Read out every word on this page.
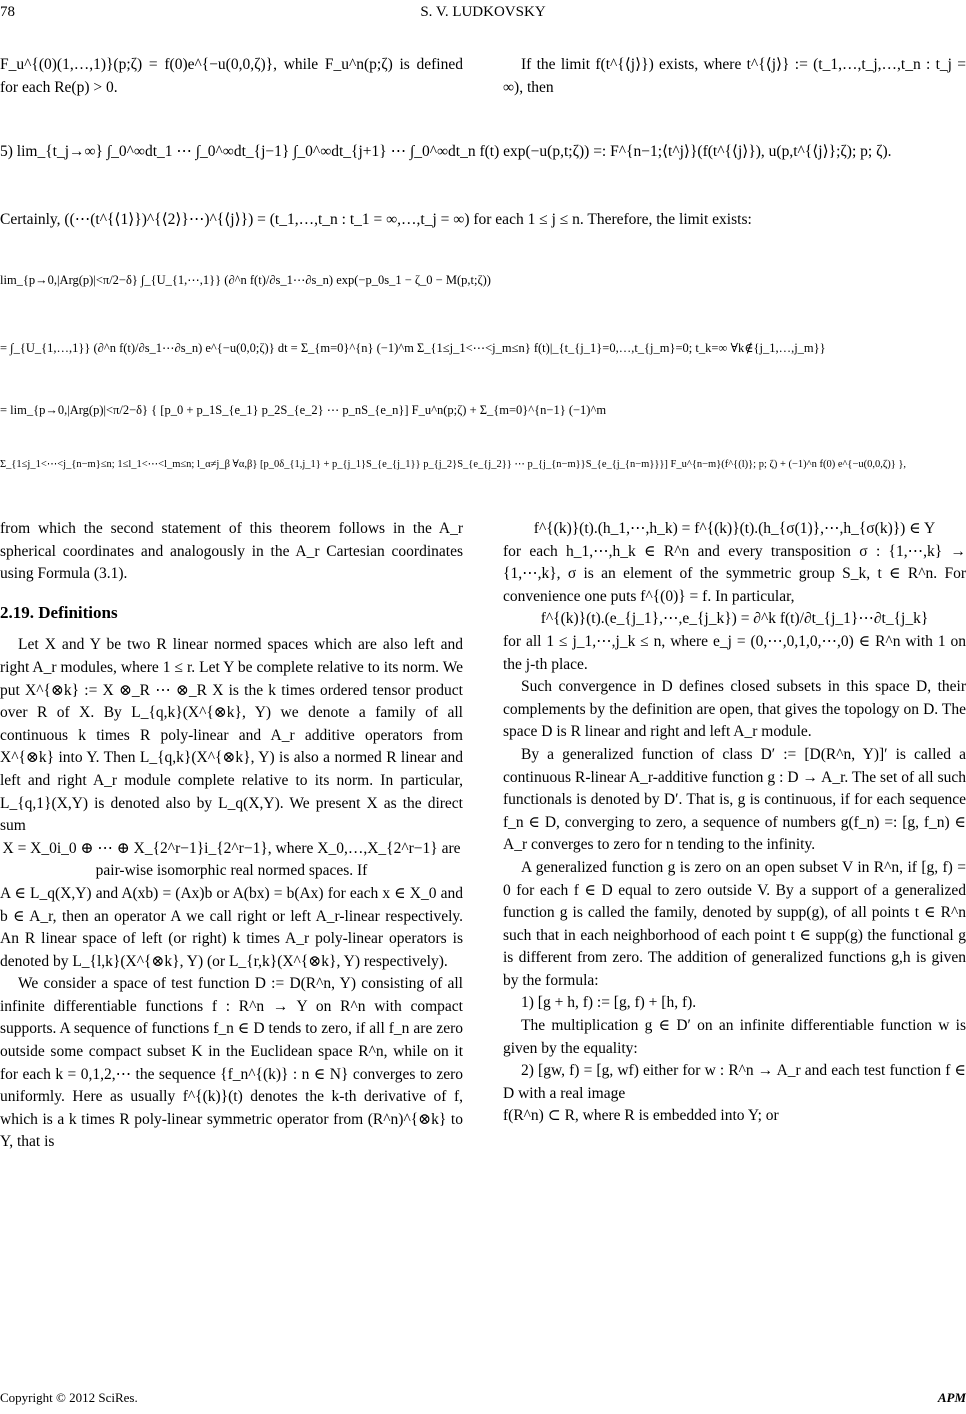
78	S. V. LUDKOVSKY

F_u^{(0)(1,…,1)}(p;ζ) = f(0)e^{−u(0,0,ζ)}, while F_u^n(p;ζ) is defined for each Re(p) > 0.

If the limit f(t^{⟨j⟩}) exists, where t^{⟨j⟩} := (t_1,…,t_j,…,t_n : t_j = ∞), then

5) lim_{t_j→∞} ∫_0^∞dt_1 ⋯ ∫_0^∞dt_{j−1} ∫_0^∞dt_{j+1} ⋯ ∫_0^∞dt_n f(t) exp(−u(p,t;ζ)) =: F^{n−1;⟨t^j⟩}(f(t^{⟨j⟩}), u(p,t^{⟨j⟩};ζ); p; ζ).
Certainly, ((⋯(t^{⟨1⟩})^{⟨2⟩}⋯)^{⟨j⟩}) = (t_1,…,t_n : t_1 = ∞,…,t_j = ∞) for each 1 ≤ j ≤ n. Therefore, the limit exists:
lim_{p→0,|Arg(p)|<π/2−δ} ∫_{U_{1,⋯,1}} (∂^n f(t)/∂s_1⋯∂s_n) exp(−p_0s_1 − ζ_0 − M(p,t;ζ))
= ∫_{U_{1,…,1}} (∂^n f(t)/∂s_1⋯∂s_n) e^{−u(0,0;ζ)} dt = Σ_{m=0}^{n} (−1)^m Σ_{1≤j_1<⋯<j_m≤n} f(t)|_{t_{j_1}=0,…,t_{j_m}=0; t_k=∞ ∀k∉{j_1,…,j_m}}
= lim_{p→0,|Arg(p)|<π/2−δ} { [p_0 + p_1S_{e_1} p_2S_{e_2} ⋯ p_nS_{e_n}] F_u^n(p;ζ) + Σ_{m=0}^{n−1} (−1)^m
Σ_{1≤j_1<⋯<j_{n−m}≤n; 1≤l_1<⋯<l_m≤n; l_α≠j_β ∀α,β} [p_0δ_{1,j_1} + p_{j_1}S_{e_{j_1}} p_{j_2}S_{e_{j_2}} ⋯ p_{j_{n−m}}S_{e_{j_{n−m}}}] F_u^{n−m}(f^{(l)}; p; ζ) + (−1)^n f(0) e^{−u(0,0,ζ)} },

from which the second statement of this theorem follows in the A_r spherical coordinates and analogously in the A_r Cartesian coordinates using Formula (3.1).

2.19. Definitions

Let X and Y be two R linear normed spaces which are also left and right A_r modules, where 1 ≤ r. Let Y be complete relative to its norm. We put X^{⊗k} := X ⊗_R ⋯ ⊗_R X is the k times ordered tensor product over R of X. By L_{q,k}(X^{⊗k}, Y) we denote a family of all continuous k times R poly-linear and A_r additive operators from X^{⊗k} into Y. Then L_{q,k}(X^{⊗k}, Y) is also a normed R linear and left and right A_r module complete relative to its norm. In particular, L_{q,1}(X,Y) is denoted also by L_q(X,Y). We present X as the direct sum

X = X_0i_0 ⊕ ⋯ ⊕ X_{2^r−1}i_{2^r−1}, where X_0,…,X_{2^r−1} are pair-wise isomorphic real normed spaces. If

A ∈ L_q(X,Y) and A(xb) = (Ax)b or A(bx) = b(Ax) for each x ∈ X_0 and b ∈ A_r, then an operator A we call right or left A_r-linear respectively. An R linear space of left (or right) k times A_r poly-linear operators is denoted by L_{l,k}(X^{⊗k}, Y) (or L_{r,k}(X^{⊗k}, Y) respectively).

We consider a space of test function D := D(R^n, Y) consisting of all infinite differentiable functions f : R^n → Y on R^n with compact supports. A sequence of functions f_n ∈ D tends to zero, if all f_n are zero outside some compact subset K in the Euclidean space R^n, while on it for each k = 0,1,2,⋯ the sequence {f_n^{(k)} : n ∈ N} converges to zero uniformly. Here as usually f^{(k)}(t) denotes the k-th derivative of f, which is a k times R poly-linear symmetric operator from (R^n)^{⊗k} to Y, that is

f^{(k)}(t).(h_1,⋯,h_k) = f^{(k)}(t).(h_{σ(1)},⋯,h_{σ(k)}) ∈ Y

for each h_1,⋯,h_k ∈ R^n and every transposition σ : {1,⋯,k} → {1,⋯,k}, σ is an element of the symmetric group S_k, t ∈ R^n. For convenience one puts f^{(0)} = f. In particular,

f^{(k)}(t).(e_{j_1},⋯,e_{j_k}) = ∂^k f(t)/∂t_{j_1}⋯∂t_{j_k}

for all 1 ≤ j_1,⋯,j_k ≤ n, where e_j = (0,⋯,0,1,0,⋯,0) ∈ R^n with 1 on the j-th place.

Such convergence in D defines closed subsets in this space D, their complements by the definition are open, that gives the topology on D. The space D is R linear and right and left A_r module.

By a generalized function of class D′ := [D(R^n, Y)]′ is called a continuous R-linear A_r-additive function g : D → A_r. The set of all such functionals is denoted by D′. That is, g is continuous, if for each sequence f_n ∈ D, converging to zero, a sequence of numbers g(f_n) =: [g, f_n) ∈ A_r converges to zero for n tending to the infinity.

A generalized function g is zero on an open subset V in R^n, if [g, f) = 0 for each f ∈ D equal to zero outside V. By a support of a generalized function g is called the family, denoted by supp(g), of all points t ∈ R^n such that in each neighborhood of each point t ∈ supp(g) the functional g is different from zero. The addition of generalized functions g,h is given by the formula:

1) [g + h, f) := [g, f) + [h, f).

The multiplication g ∈ D′ on an infinite differentiable function w is given by the equality:

2) [gw, f) = [g, wf) either for w : R^n → A_r and each test function f ∈ D with a real image

f(R^n) ⊂ R, where R is embedded into Y; or

Copyright © 2012 SciRes.	APM
